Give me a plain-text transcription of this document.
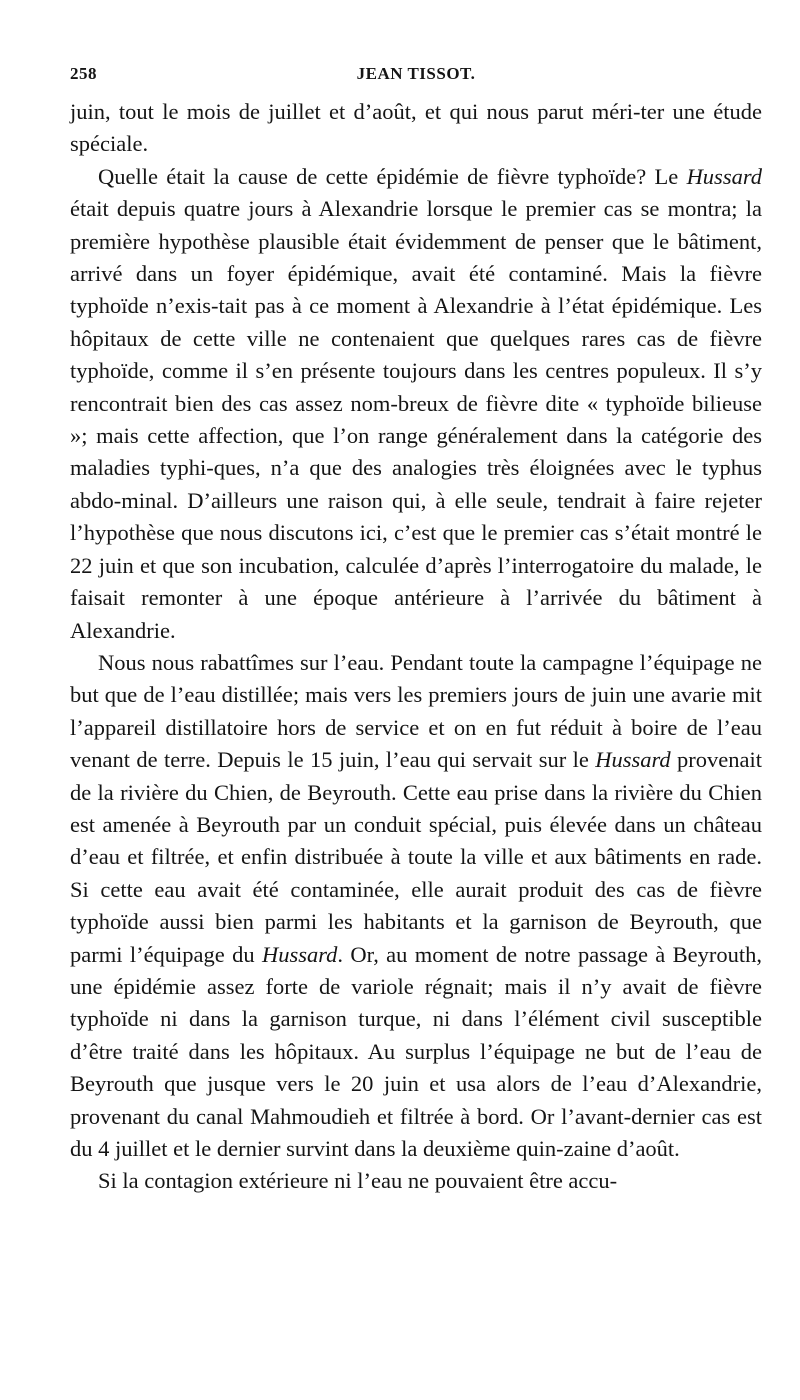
258	JEAN TISSOT.

juin, tout le mois de juillet et d’août, et qui nous parut méri-ter une étude spéciale.

Quelle était la cause de cette épidémie de fièvre typhoïde? Le Hussard était depuis quatre jours à Alexandrie lorsque le premier cas se montra; la première hypothèse plausible était évidemment de penser que le bâtiment, arrivé dans un foyer épidémique, avait été contaminé. Mais la fièvre typhoïde n’exis-tait pas à ce moment à Alexandrie à l’état épidémique. Les hôpitaux de cette ville ne contenaient que quelques rares cas de fièvre typhoïde, comme il s’en présente toujours dans les centres populeux. Il s’y rencontrait bien des cas assez nom-breux de fièvre dite « typhoïde bilieuse »; mais cette affection, que l’on range généralement dans la catégorie des maladies typhi-ques, n’a que des analogies très éloignées avec le typhus abdo-minal. D’ailleurs une raison qui, à elle seule, tendrait à faire rejeter l’hypothèse que nous discutons ici, c’est que le premier cas s’était montré le 22 juin et que son incubation, calculée d’après l’interrogatoire du malade, le faisait remonter à une époque antérieure à l’arrivée du bâtiment à Alexandrie.

Nous nous rabattîmes sur l’eau. Pendant toute la campagne l’équipage ne but que de l’eau distillée; mais vers les premiers jours de juin une avarie mit l’appareil distillatoire hors de service et on en fut réduit à boire de l’eau venant de terre. Depuis le 15 juin, l’eau qui servait sur le Hussard provenait de la rivière du Chien, de Beyrouth. Cette eau prise dans la rivière du Chien est amenée à Beyrouth par un conduit spécial, puis élevée dans un château d’eau et filtrée, et enfin distribuée à toute la ville et aux bâtiments en rade. Si cette eau avait été contaminée, elle aurait produit des cas de fièvre typhoïde aussi bien parmi les habitants et la garnison de Beyrouth, que parmi l’équipage du Hussard. Or, au moment de notre passage à Beyrouth, une épidémie assez forte de variole régnait; mais il n’y avait de fièvre typhoïde ni dans la garnison turque, ni dans l’élément civil susceptible d’être traité dans les hôpitaux. Au surplus l’équipage ne but de l’eau de Beyrouth que jusque vers le 20 juin et usa alors de l’eau d’Alexandrie, provenant du canal Mahmoudieh et filtrée à bord. Or l’avant-dernier cas est du 4 juillet et le dernier survint dans la deuxième quin-zaine d’août.

Si la contagion extérieure ni l’eau ne pouvaient être accu-
